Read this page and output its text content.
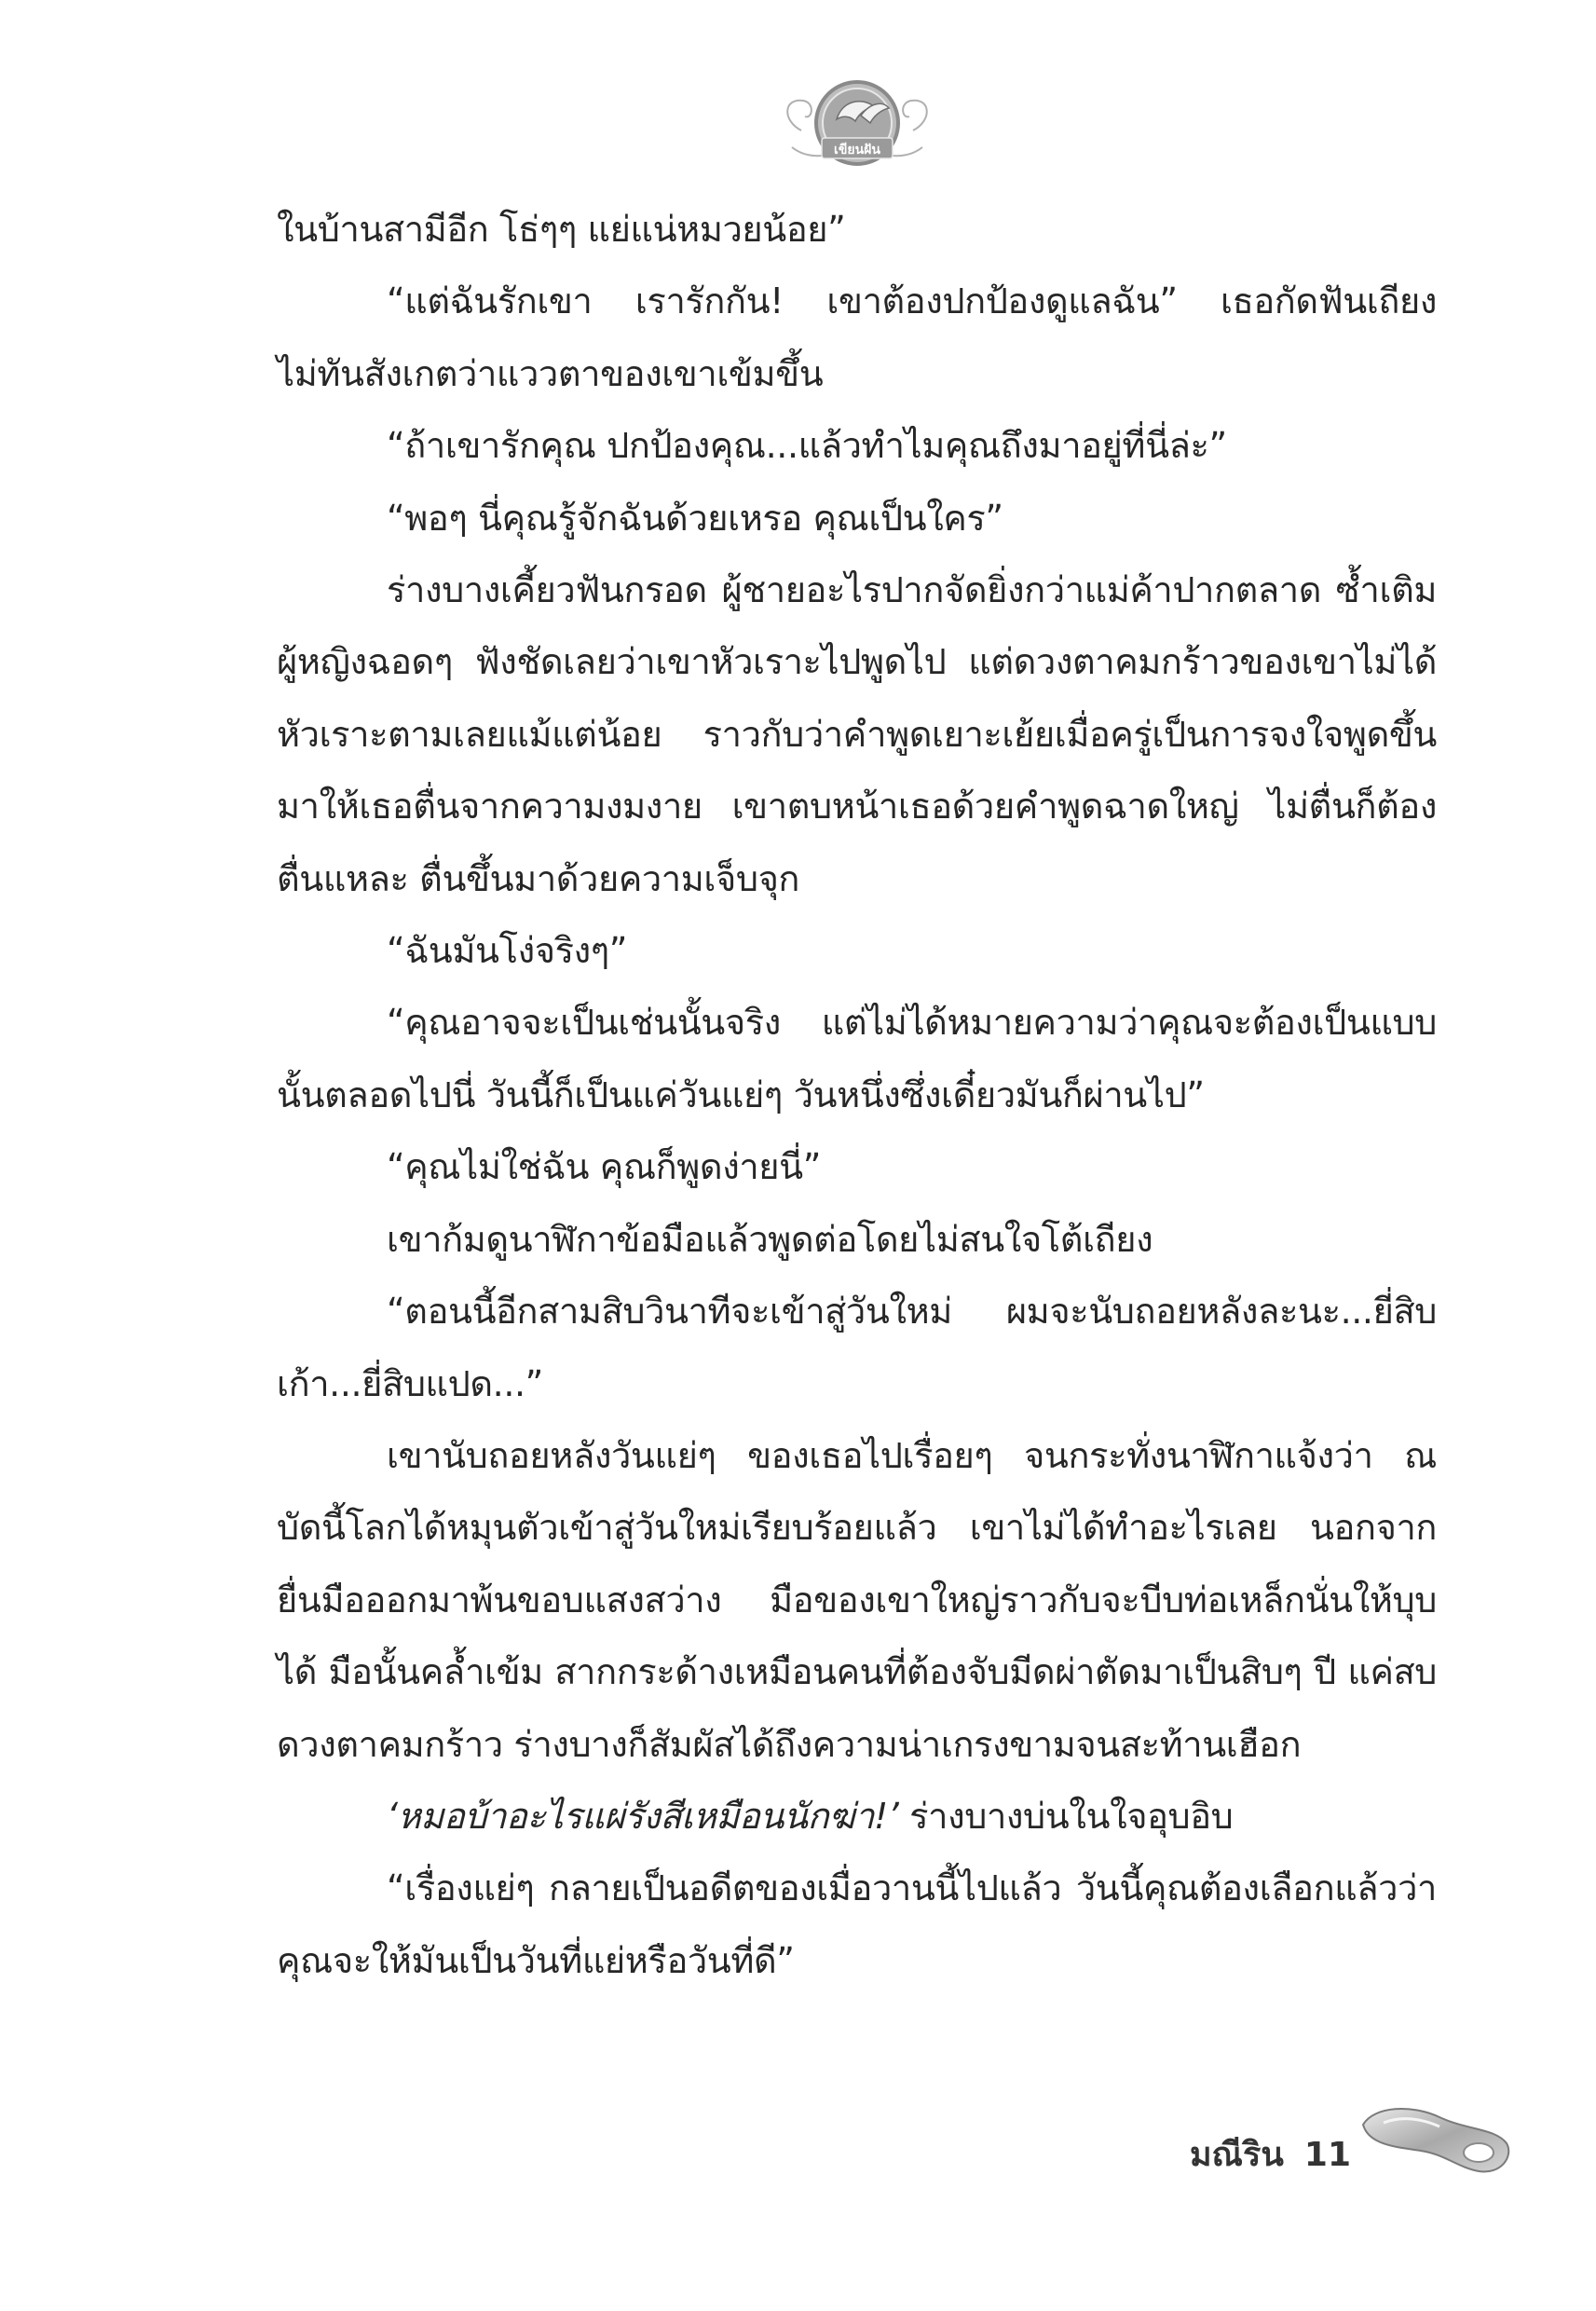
เขียนฝัน

ในบ้านสามีอีก โธ่ๆๆ แย่แน่หมวยน้อย”

“แต่ฉันรักเขา เรารักกัน! เขาต้องปกป้องดูแลฉัน” เธอกัดฟันเถียง ไม่ทันสังเกตว่าแววตาของเขาเข้มขึ้น

“ถ้าเขารักคุณ ปกป้องคุณ...แล้วทำไมคุณถึงมาอยู่ที่นี่ล่ะ”

“พอๆ นี่คุณรู้จักฉันด้วยเหรอ คุณเป็นใคร”

ร่างบางเคี้ยวฟันกรอด ผู้ชายอะไรปากจัดยิ่งกว่าแม่ค้าปากตลาด ซ้ำเติมผู้หญิงฉอดๆ ฟังชัดเลยว่าเขาหัวเราะไปพูดไป แต่ดวงตาคมกร้าวของเขาไม่ได้หัวเราะตามเลยแม้แต่น้อย ราวกับว่าคำพูดเยาะเย้ยเมื่อครู่เป็นการจงใจพูดขึ้นมาให้เธอตื่นจากความงมงาย เขาตบหน้าเธอด้วยคำพูดฉาดใหญ่ ไม่ตื่นก็ต้องตื่นแหละ ตื่นขึ้นมาด้วยความเจ็บจุก

“ฉันมันโง่จริงๆ”

“คุณอาจจะเป็นเช่นนั้นจริง แต่ไม่ได้หมายความว่าคุณจะต้องเป็นแบบนั้นตลอดไปนี่ วันนี้ก็เป็นแค่วันแย่ๆ วันหนึ่งซึ่งเดี๋ยวมันก็ผ่านไป”

“คุณไม่ใช่ฉัน คุณก็พูดง่ายนี่”

เขาก้มดูนาฬิกาข้อมือแล้วพูดต่อโดยไม่สนใจโต้เถียง

“ตอนนี้อีกสามสิบวินาทีจะเข้าสู่วันใหม่ ผมจะนับถอยหลังละนะ...ยี่สิบเก้า...ยี่สิบแปด...”

เขานับถอยหลังวันแย่ๆ ของเธอไปเรื่อยๆ จนกระทั่งนาฬิกาแจ้งว่า ณ บัดนี้โลกได้หมุนตัวเข้าสู่วันใหม่เรียบร้อยแล้ว เขาไม่ได้ทำอะไรเลย นอกจากยื่นมือออกมาพ้นขอบแสงสว่าง มือของเขาใหญ่ราวกับจะบีบท่อเหล็กนั่นให้บุบได้ มือนั้นคล้ำเข้ม สากกระด้างเหมือนคนที่ต้องจับมีดผ่าตัดมาเป็นสิบๆ ปี แค่สบดวงตาคมกร้าว ร่างบางก็สัมผัสได้ถึงความน่าเกรงขามจนสะท้านเฮือก

‘หมอบ้าอะไรแผ่รังสีเหมือนนักฆ่า!’ ร่างบางบ่นในใจอุบอิบ

“เรื่องแย่ๆ กลายเป็นอดีตของเมื่อวานนี้ไปแล้ว วันนี้คุณต้องเลือกแล้วว่าคุณจะให้มันเป็นวันที่แย่หรือวันที่ดี”

มณีริน 11
